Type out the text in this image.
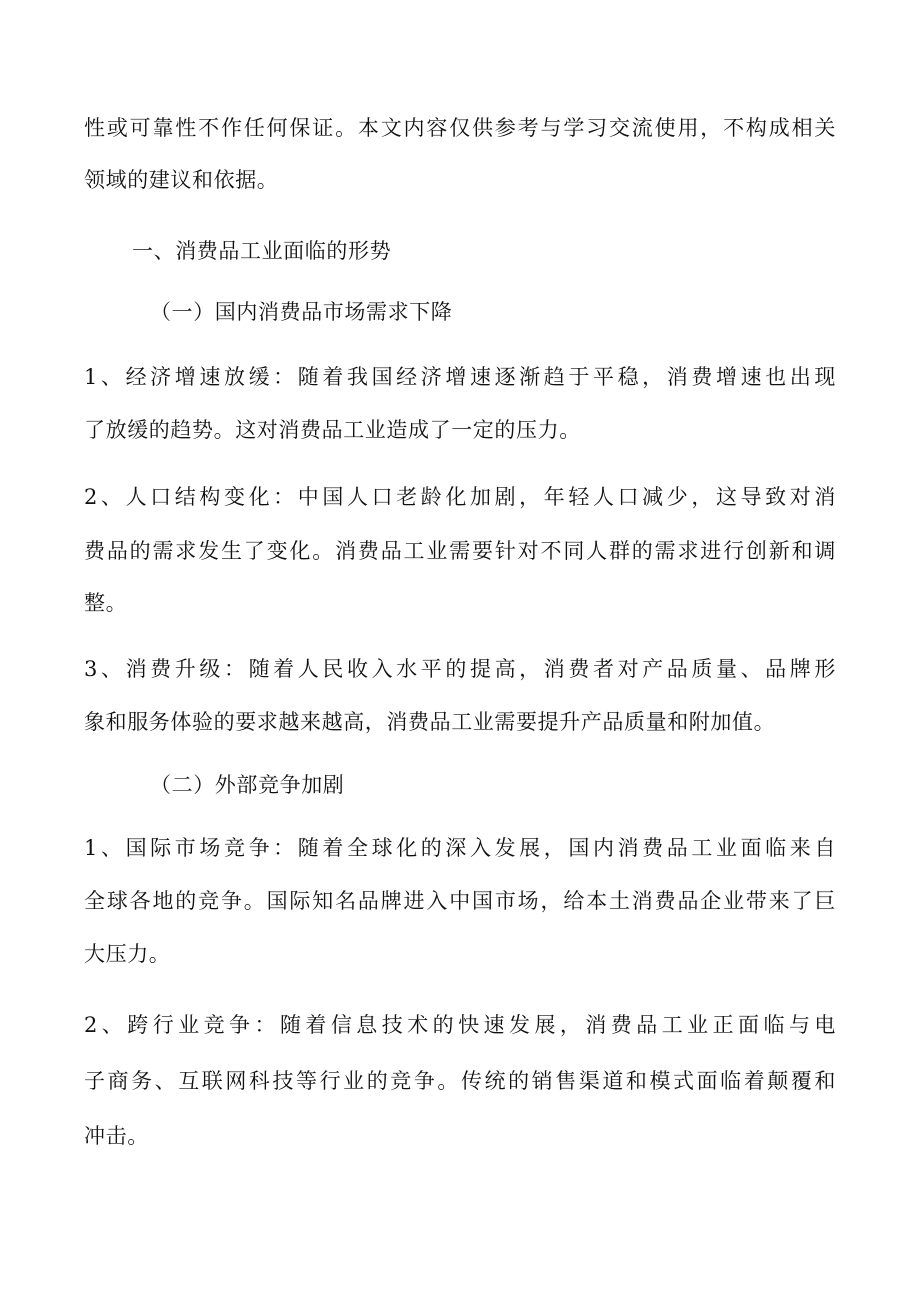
性或可靠性不作任何保证。本文内容仅供参考与学习交流使用，不构成相关
领域的建议和依据。
一、消费品工业面临的形势
（一）国内消费品市场需求下降
1、经济增速放缓：随着我国经济增速逐渐趋于平稳，消费增速也出现
了放缓的趋势。这对消费品工业造成了一定的压力。
2、人口结构变化：中国人口老龄化加剧，年轻人口减少，这导致对消
费品的需求发生了变化。消费品工业需要针对不同人群的需求进行创新和调
整。
3、消费升级：随着人民收入水平的提高，消费者对产品质量、品牌形
象和服务体验的要求越来越高，消费品工业需要提升产品质量和附加值。
（二）外部竞争加剧
1、国际市场竞争：随着全球化的深入发展，国内消费品工业面临来自
全球各地的竞争。国际知名品牌进入中国市场，给本土消费品企业带来了巨
大压力。
2、跨行业竞争：随着信息技术的快速发展，消费品工业正面临与电
子商务、互联网科技等行业的竞争。传统的销售渠道和模式面临着颠覆和
冲击。
